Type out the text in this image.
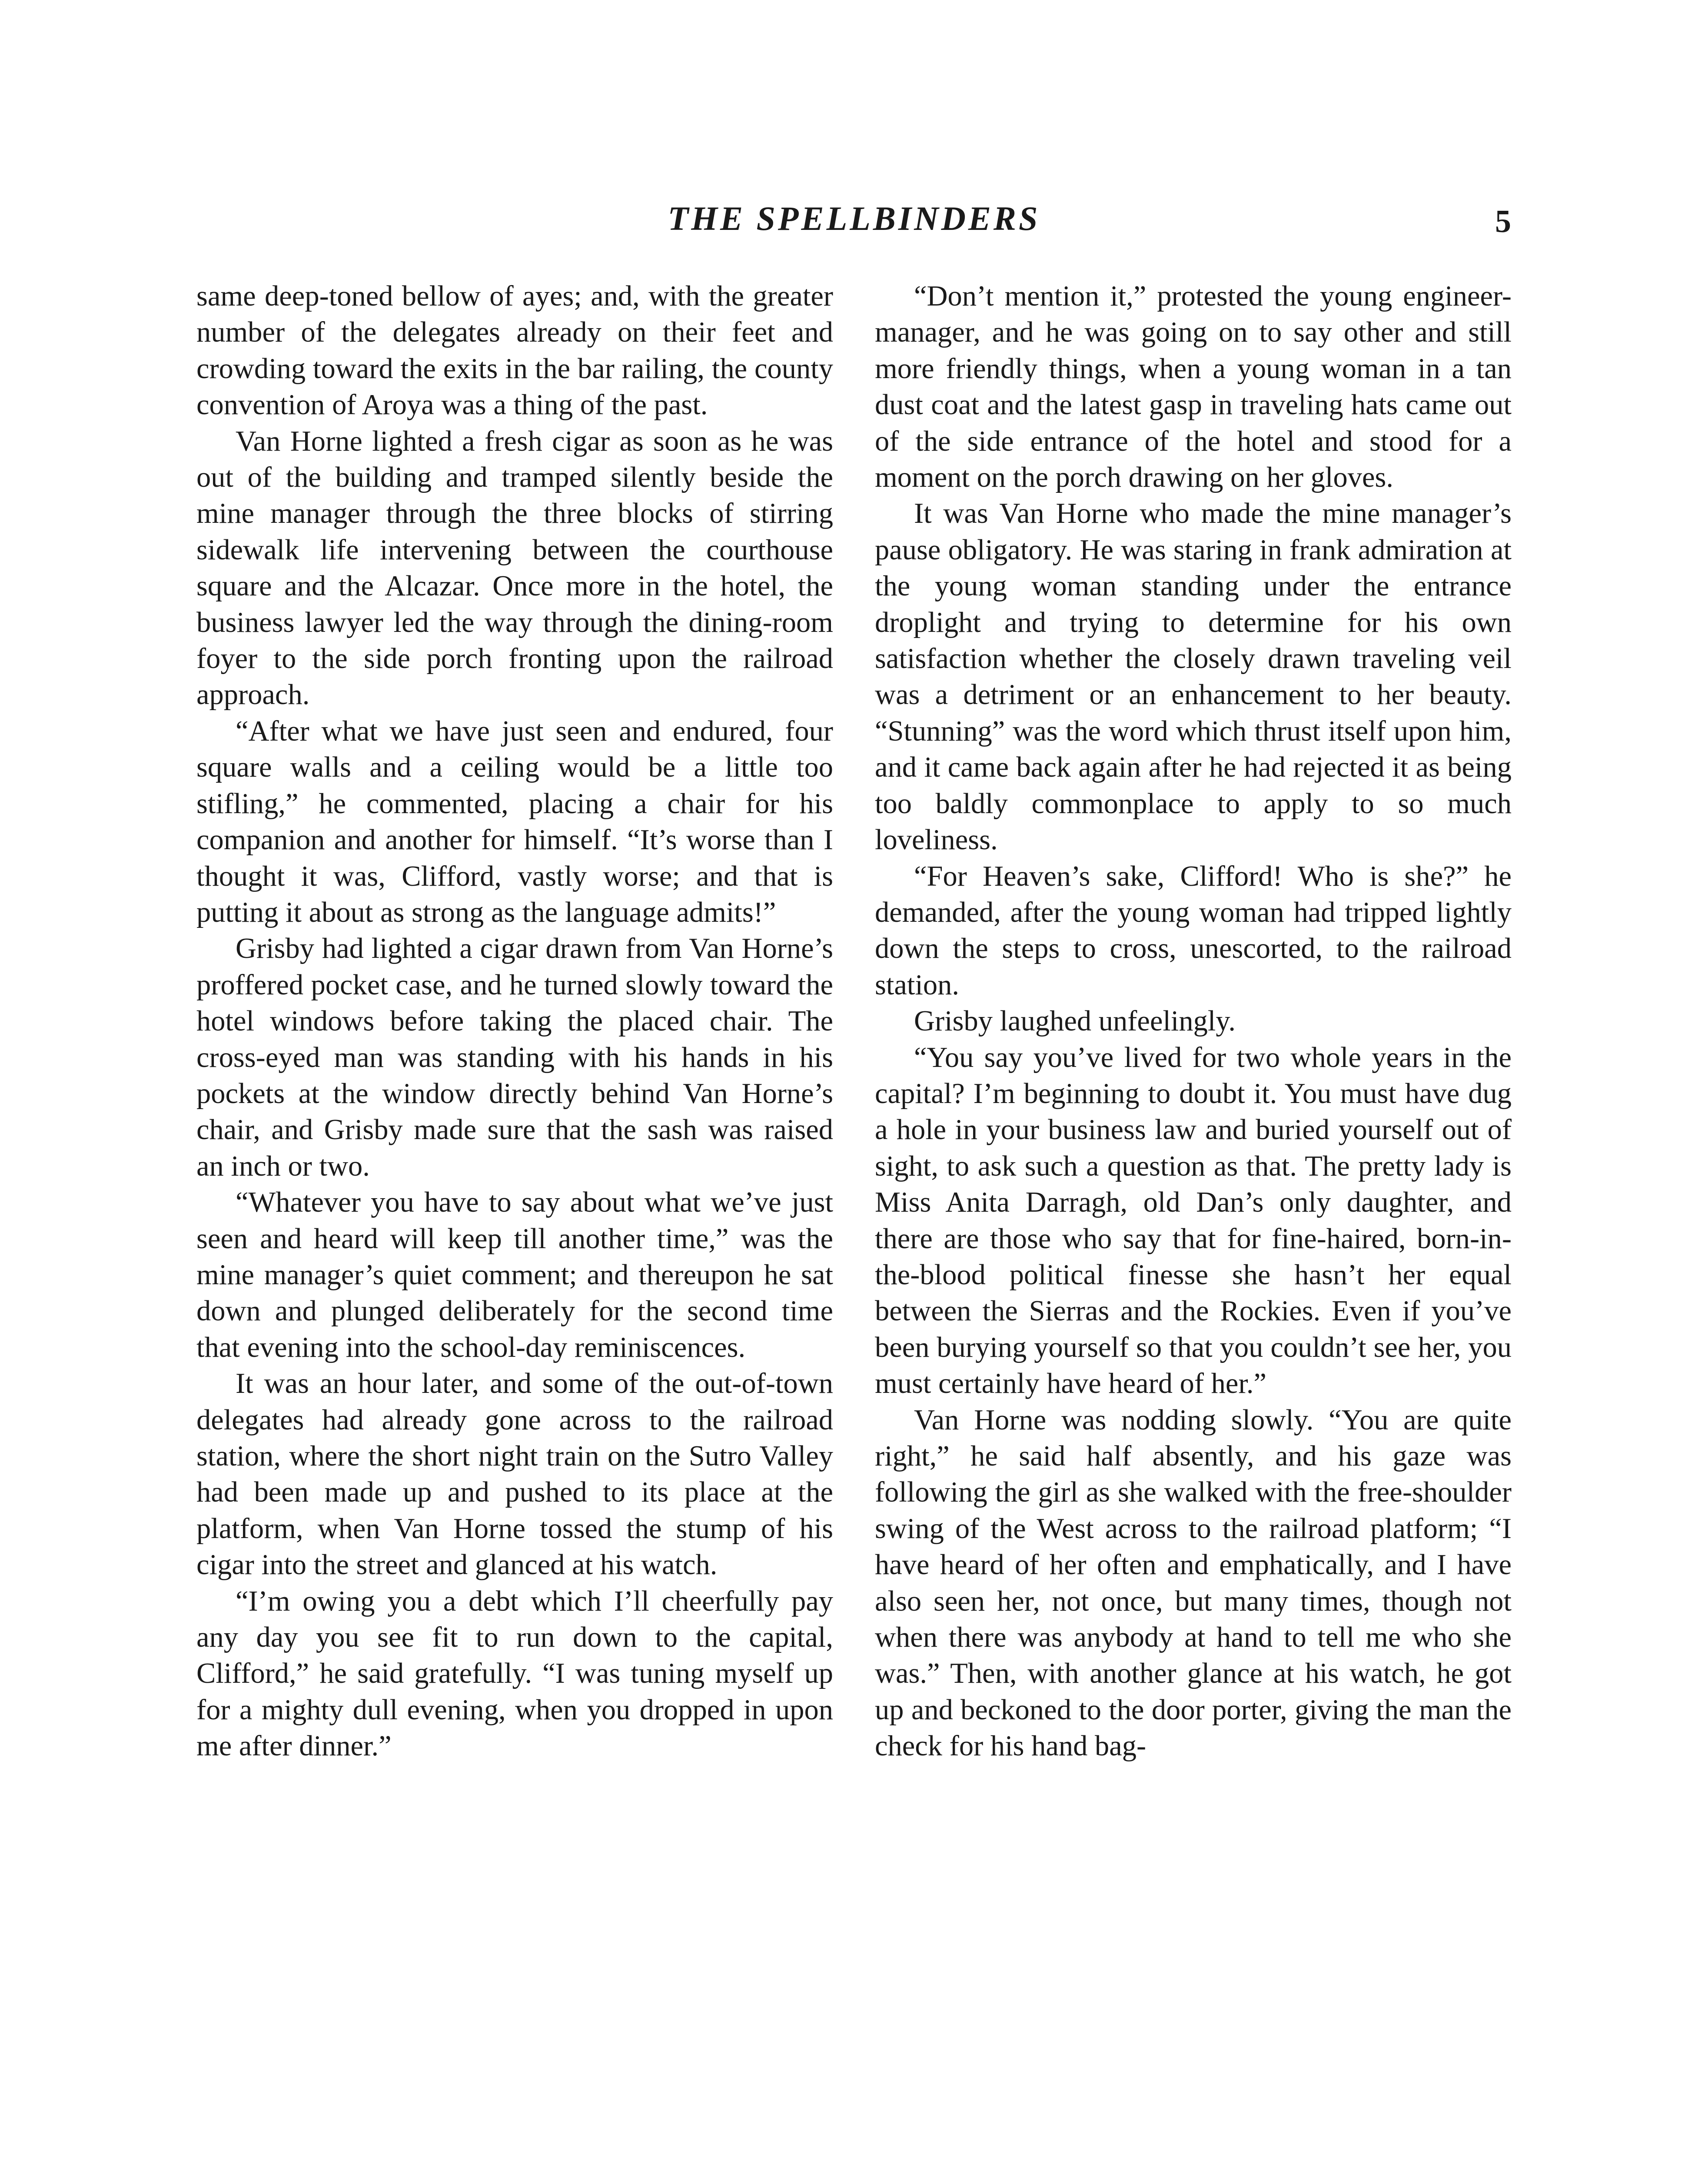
THE SPELLBINDERS	5

same deep-toned bellow of ayes; and, with the greater number of the delegates already on their feet and crowding toward the exits in the bar railing, the county convention of Aroya was a thing of the past.

Van Horne lighted a fresh cigar as soon as he was out of the building and tramped silently beside the mine manager through the three blocks of stirring sidewalk life intervening between the courthouse square and the Alcazar. Once more in the hotel, the business lawyer led the way through the dining-room foyer to the side porch fronting upon the railroad approach.

“After what we have just seen and endured, four square walls and a ceiling would be a little too stifling,” he commented, placing a chair for his companion and another for himself. “It’s worse than I thought it was, Clifford, vastly worse; and that is putting it about as strong as the language admits!”

Grisby had lighted a cigar drawn from Van Horne’s proffered pocket case, and he turned slowly toward the hotel windows before taking the placed chair. The cross-eyed man was standing with his hands in his pockets at the window directly behind Van Horne’s chair, and Grisby made sure that the sash was raised an inch or two.

“Whatever you have to say about what we’ve just seen and heard will keep till another time,” was the mine manager’s quiet comment; and thereupon he sat down and plunged deliberately for the second time that evening into the school-day reminiscences.

It was an hour later, and some of the out-of-town delegates had already gone across to the railroad station, where the short night train on the Sutro Valley had been made up and pushed to its place at the platform, when Van Horne tossed the stump of his cigar into the street and glanced at his watch.

“I’m owing you a debt which I’ll cheerfully pay any day you see fit to run down to the capital, Clifford,” he said gratefully. “I was tuning myself up for a mighty dull evening, when you dropped in upon me after dinner.”

“Don’t mention it,” protested the young engineer-manager, and he was going on to say other and still more friendly things, when a young woman in a tan dust coat and the latest gasp in traveling hats came out of the side entrance of the hotel and stood for a moment on the porch drawing on her gloves.

It was Van Horne who made the mine manager’s pause obligatory. He was staring in frank admiration at the young woman standing under the entrance droplight and trying to determine for his own satisfaction whether the closely drawn traveling veil was a detriment or an enhancement to her beauty. “Stunning” was the word which thrust itself upon him, and it came back again after he had rejected it as being too baldly commonplace to apply to so much loveliness.

“For Heaven’s sake, Clifford! Who is she?” he demanded, after the young woman had tripped lightly down the steps to cross, unescorted, to the railroad station.

Grisby laughed unfeelingly.

“You say you’ve lived for two whole years in the capital? I’m beginning to doubt it. You must have dug a hole in your business law and buried yourself out of sight, to ask such a question as that. The pretty lady is Miss Anita Darragh, old Dan’s only daughter, and there are those who say that for fine-haired, born-in-the-blood political finesse she hasn’t her equal between the Sierras and the Rockies. Even if you’ve been burying yourself so that you couldn’t see her, you must certainly have heard of her.”

Van Horne was nodding slowly. “You are quite right,” he said half absently, and his gaze was following the girl as she walked with the free-shoulder swing of the West across to the railroad platform; “I have heard of her often and emphatically, and I have also seen her, not once, but many times, though not when there was anybody at hand to tell me who she was.” Then, with another glance at his watch, he got up and beckoned to the door porter, giving the man the check for his hand bag-
